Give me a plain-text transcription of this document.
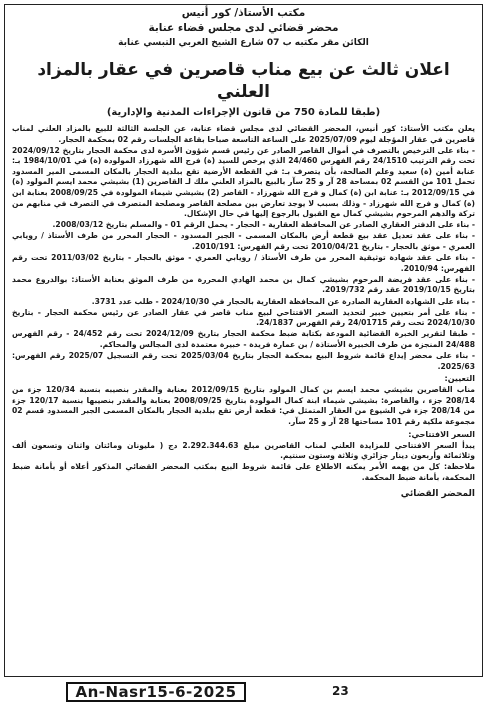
مكتب الأستاذ/ كور أنيس
محضر قضائي لدى مجلس قضاء عنابة
الكائن مقر مكتبه ب 07 شارع الشيخ العربي التبسي عنابة
اعلان ثالث عن بيع مناب قاصرين في عقار بالمزاد العلني
(طبقا للمادة 750 من قانون الإجراءات المدنية والإدارية)

يعلن مكتب الأستاذ: كور أنيس، المحضر القضائي لدى مجلس قضاء عنابة، عن الجلسة الثالثة للبيع بالمزاد العلني لمناب قاصرين في عقار المؤجلة ليوم 2025/07/09 على الساعة التاسعة صباحا بقاعة الجلسات رقم 02 بمحكمة الحجار.

- بناء على الترخيص بالتصرف في أموال القاصر الصادر عن رئيس قسم شؤون الأسرة لدى محكمة الحجار بتاريخ 2024/09/12 تحت رقم الترتيب 24/1510 رقم الفهرس 24/460 الذي يرخص للسيد (ة) فرج الله شهرزاد المولودة (ة) في 1984/10/01 بـ: عنابة أمين (ة) سعيد وعلم الصالحة، بأن يتصرف بـ: في القطعة الأرضية تقع ببلدية الحجار بالمكان المسمى المير المسدود تحمل 101 من القسم 02 بمساحة 28 آر و 25 سآر بالبيع بالمزاد العلني ملك لـ القاصرين (1) بشيشي محمد ايسم المولود (ة) في 2012/09/15 بـ: عنابة ابن (ة) كمال و فرج الله شهرزاد - القاصر (2) بشيشي شيماء المولودة في 2008/09/25 بعنابة ابن (ة) كمال و فرج الله شهرزاد - وذلك بسبب لا يوجد تعارض بين مصلحة القاصر ومصلحة المتصرف في التصرف في منابهم من تركة والدهم المرحوم بشيشي كمال مع القبول بالرجوع إليها في حال الإشكال.

- بناء على الدفتر العقاري الصادر عن المحافظة العقارية - الحجار - يحمل الرقم 01 - والمسلم بتاريخ 2008/03/12.

- بناء على عقد تعديل عقد بيع قطعة أرض بالمكان المسمى - الجبر المسدود - الحجار المحرر من طرف الأستاذ / رويابي العمري - موثق بالحجار - بتاريخ 2010/04/21 تحت رقم الفهرس: 2010/191.

- بناء على عقد شهادة توثيقية المحرر من طرف الأستاذ / رويابي العمري - موثق بالحجار - بتاريخ 2011/03/02 تحت رقم الفهرس: 2010/94.

- بناء على عقد فريضة المرحوم بشيشي كمال بن محمد الهادي المحررة من طرف الموثق بعنابة الأستاذ: بوالدروع محمد بتاريخ 2019/10/15 عقد رقم 2019/732.

- بناء على الشهادة العقارية الصادرة عن المحافظة العقارية بالحجار في 2024/10/30 - طلب عدد 3731.

- بناء على أمر بتعيين خبير لتحديد السعر الافتتاحي لبيع مناب قاصر في عقار الصادر عن رئيس محكمة الحجار - بتاريخ 2024/10/30 تحت رقم 24/01715 رقم الفهرس 24/1837.

- طبقا لتقرير الخبرة القضائية المودعة بكتابة ضبط محكمة الحجار بتاريخ 2024/12/09 تحت رقم 24/452 - رقم الفهرس 24/488 المنجزة من طرف الخبيرة الأستاذة / بن عمارة فريدة - خبيرة معتمدة لدى المجالس والمحاكم.

- بناء على محضر إيداع قائمة شروط البيع بمحكمة الحجار بتاريخ 2025/03/04 تحت رقم التسجيل 2025/07 رقم الفهرس: 2025/63.

التعيين:

مناب القاصرين بشيشي محمد ايسم بن كمال المولود بتاريخ 2012/09/15 بعنابة والمقدر بنصيبه بنسبة 120/34 جزء من 208/14 جزء ، والقاصرة: بشيشي شيماء ابنة كمال المولودة بتاريخ 2008/09/25 بعنابة والمقدر بنصيبها بنسبة 120/17 جزء من 208/14 جزء في الشيوع من العقار المتمثل في: قطعة أرض تقع ببلدية الحجار بالمكان المسمى الجبر المسدود قسم 02 مجموعة ملكية رقم 101 مساحتها 28 آر و 25 سآر.

السعر الافتتاحي:

يبدأ السعر الافتتاحي للمزايدة العلني لمناب القاصرين مبلغ 2.292.344.63 دج ( مليونان ومائتان واثنان وتسعون ألف وثلاثمائة وأربعون دينار جزائري وثلاثة وستون سنتيم.

ملاحظة: كل من يهمه الأمر يمكنه الاطلاع على قائمة شروط البيع بمكتب المحضر القضائي المذكور أعلاه أو بأمانة ضبط المحكمة، بأمانة ضبط المحكمة.

المحضر القضائي
An-Nasr15-6-2025	23
